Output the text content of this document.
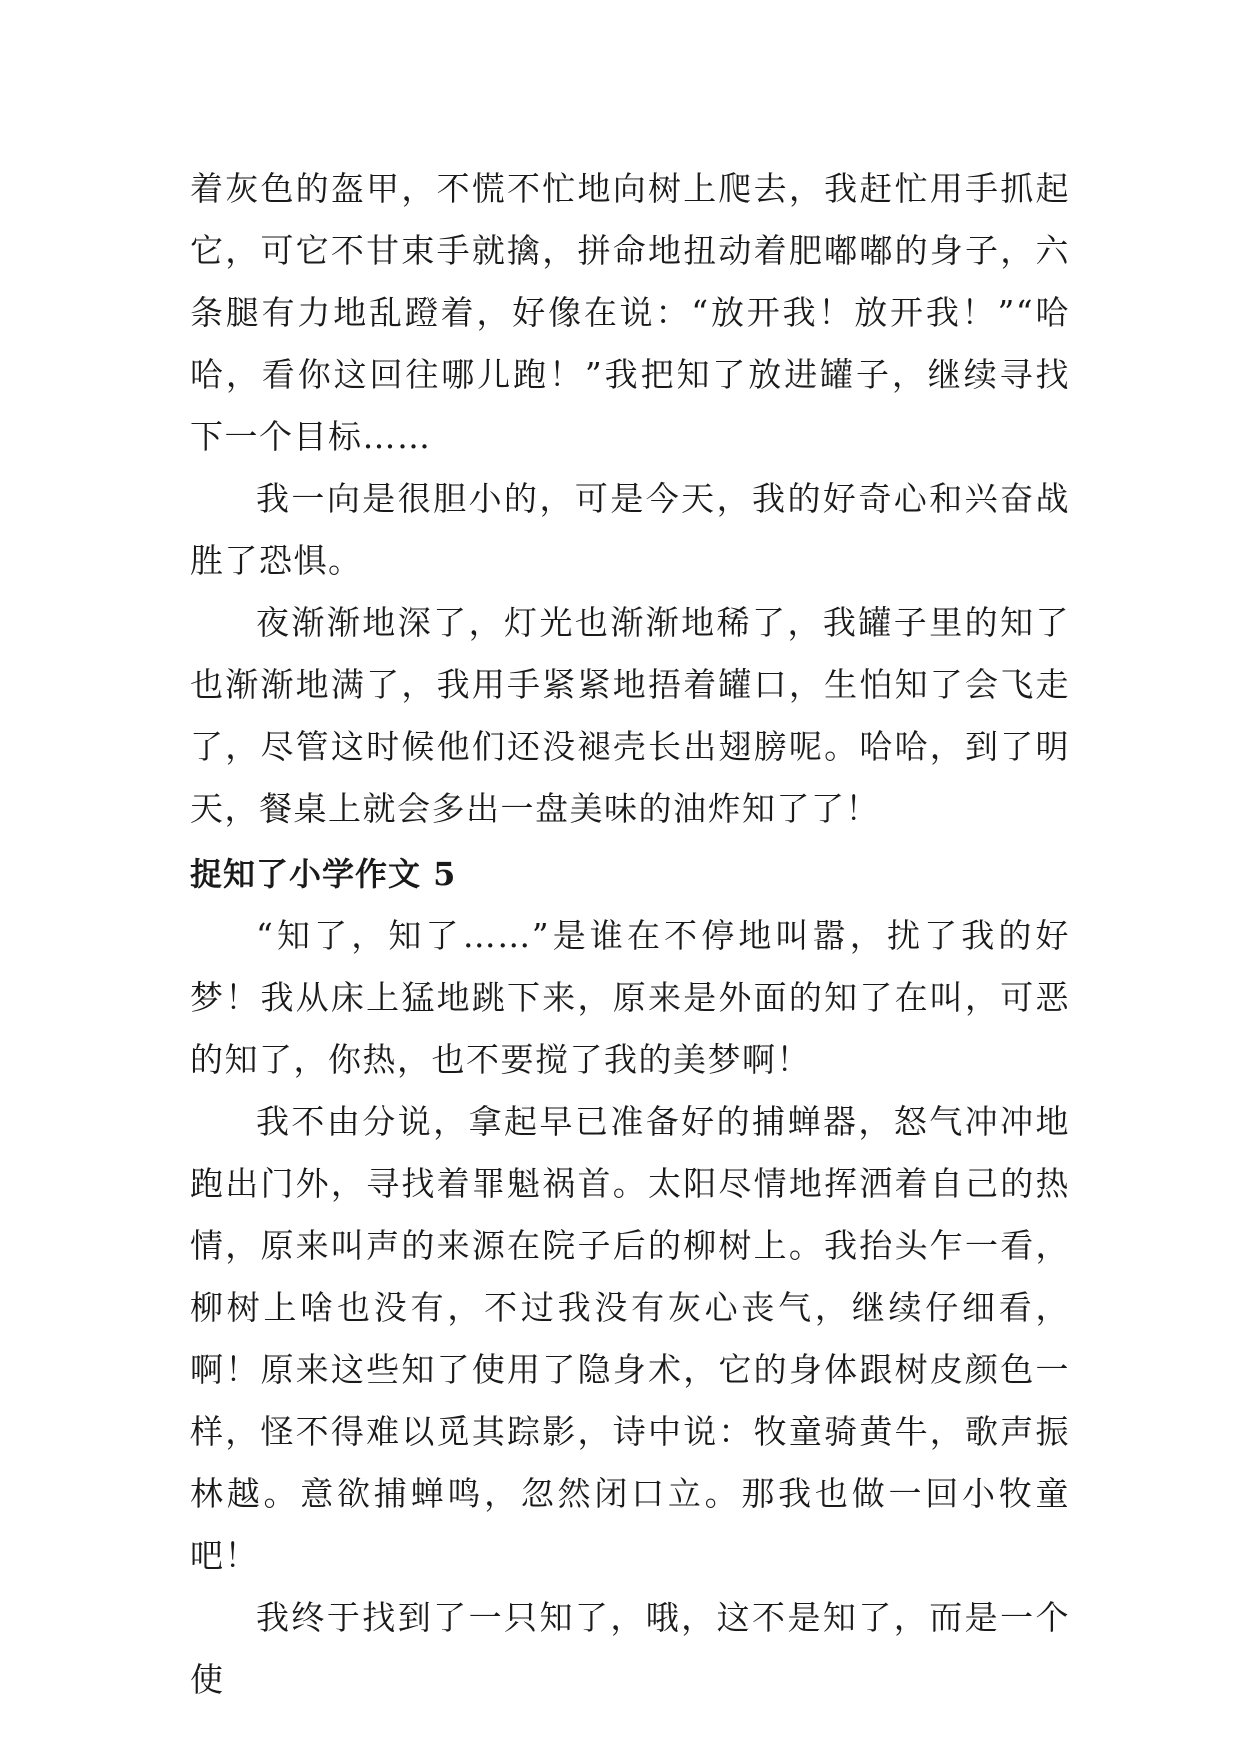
着灰色的盔甲，不慌不忙地向树上爬去，我赶忙用手抓起它，可它不甘束手就擒，拼命地扭动着肥嘟嘟的身子，六条腿有力地乱蹬着，好像在说：“放开我！放开我！”“哈哈，看你这回往哪儿跑！”我把知了放进罐子，继续寻找下一个目标……

我一向是很胆小的，可是今天，我的好奇心和兴奋战胜了恐惧。

夜渐渐地深了，灯光也渐渐地稀了，我罐子里的知了也渐渐地满了，我用手紧紧地捂着罐口，生怕知了会飞走了，尽管这时候他们还没褪壳长出翅膀呢。哈哈，到了明天，餐桌上就会多出一盘美味的油炸知了了！

捉知了小学作文 5

“知了，知了……”是谁在不停地叫嚣，扰了我的好梦！我从床上猛地跳下来，原来是外面的知了在叫，可恶的知了，你热，也不要搅了我的美梦啊！

我不由分说，拿起早已准备好的捕蝉器，怒气冲冲地跑出门外，寻找着罪魁祸首。太阳尽情地挥洒着自己的热情，原来叫声的来源在院子后的柳树上。我抬头乍一看，柳树上啥也没有，不过我没有灰心丧气，继续仔细看，啊！原来这些知了使用了隐身术，它的身体跟树皮颜色一样，怪不得难以觅其踪影，诗中说：牧童骑黄牛，歌声振林越。意欲捕蝉鸣，忽然闭口立。那我也做一回小牧童吧！

我终于找到了一只知了，哦，这不是知了，而是一个使
